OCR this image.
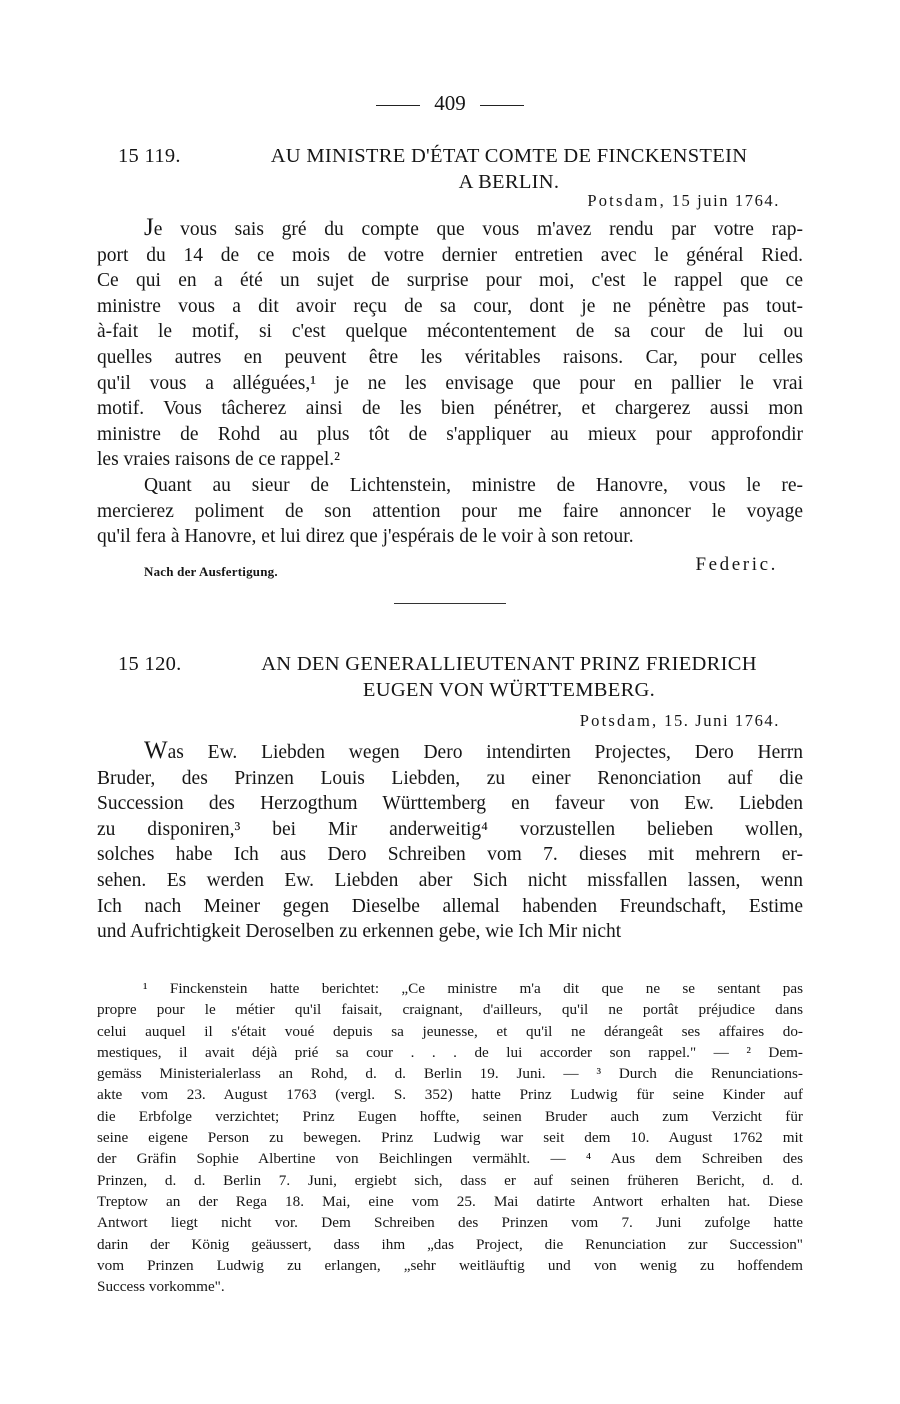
409
15 119.	AU MINISTRE D'ÉTAT COMTE DE FINCKENSTEIN
A BERLIN.
Potsdam, 15 juin 1764.
Je vous sais gré du compte que vous m'avez rendu par votre rap-
port du 14 de ce mois de votre dernier entretien avec le général Ried.
Ce qui en a été un sujet de surprise pour moi, c'est le rappel que ce
ministre vous a dit avoir reçu de sa cour, dont je ne pénètre pas tout-
à-fait le motif, si c'est quelque mécontentement de sa cour de lui ou
quelles autres en peuvent être les véritables raisons. Car, pour celles
qu'il vous a alléguées,¹ je ne les envisage que pour en pallier le vrai
motif. Vous tâcherez ainsi de les bien pénétrer, et chargerez aussi mon
ministre de Rohd au plus tôt de s'appliquer au mieux pour approfondir
les vraies raisons de ce rappel.²
Quant au sieur de Lichtenstein, ministre de Hanovre, vous le re-
mercierez poliment de son attention pour me faire annoncer le voyage
qu'il fera à Hanovre, et lui direz que j'espérais de le voir à son retour.
Nach der Ausfertigung.	Federic.
15 120.	AN DEN GENERALLIEUTENANT PRINZ FRIEDRICH
EUGEN VON WÜRTTEMBERG.
Potsdam, 15. Juni 1764.
Was Ew. Liebden wegen Dero intendirten Projectes, Dero Herrn
Bruder, des Prinzen Louis Liebden, zu einer Renonciation auf die
Succession des Herzogthum Württemberg en faveur von Ew. Liebden
zu disponiren,³ bei Mir anderweitig⁴ vorzustellen belieben wollen,
solches habe Ich aus Dero Schreiben vom 7. dieses mit mehrern er-
sehen. Es werden Ew. Liebden aber Sich nicht missfallen lassen, wenn
Ich nach Meiner gegen Dieselbe allemal habenden Freundschaft, Estime
und Aufrichtigkeit Deroselben zu erkennen gebe, wie Ich Mir nicht
¹ Finckenstein hatte berichtet: „Ce ministre m'a dit que ne se sentant pas
propre pour le métier qu'il faisait, craignant, d'ailleurs, qu'il ne portât préjudice dans
celui auquel il s'était voué depuis sa jeunesse, et qu'il ne dérangeât ses affaires do-
mestiques, il avait déjà prié sa cour . . . de lui accorder son rappel." — ² Dem-
gemäss Ministerialerlass an Rohd, d. d. Berlin 19. Juni. — ³ Durch die Renunciations-
akte vom 23. August 1763 (vergl. S. 352) hatte Prinz Ludwig für seine Kinder auf
die Erbfolge verzichtet; Prinz Eugen hoffte, seinen Bruder auch zum Verzicht für
seine eigene Person zu bewegen. Prinz Ludwig war seit dem 10. August 1762 mit
der Gräfin Sophie Albertine von Beichlingen vermählt. — ⁴ Aus dem Schreiben des
Prinzen, d. d. Berlin 7. Juni, ergiebt sich, dass er auf seinen früheren Bericht, d. d.
Treptow an der Rega 18. Mai, eine vom 25. Mai datirte Antwort erhalten hat. Diese
Antwort liegt nicht vor. Dem Schreiben des Prinzen vom 7. Juni zufolge hatte
darin der König geäussert, dass ihm „das Project, die Renunciation zur Succession"
vom Prinzen Ludwig zu erlangen, „sehr weitläuftig und von wenig zu hoffendem
Success vorkomme".
